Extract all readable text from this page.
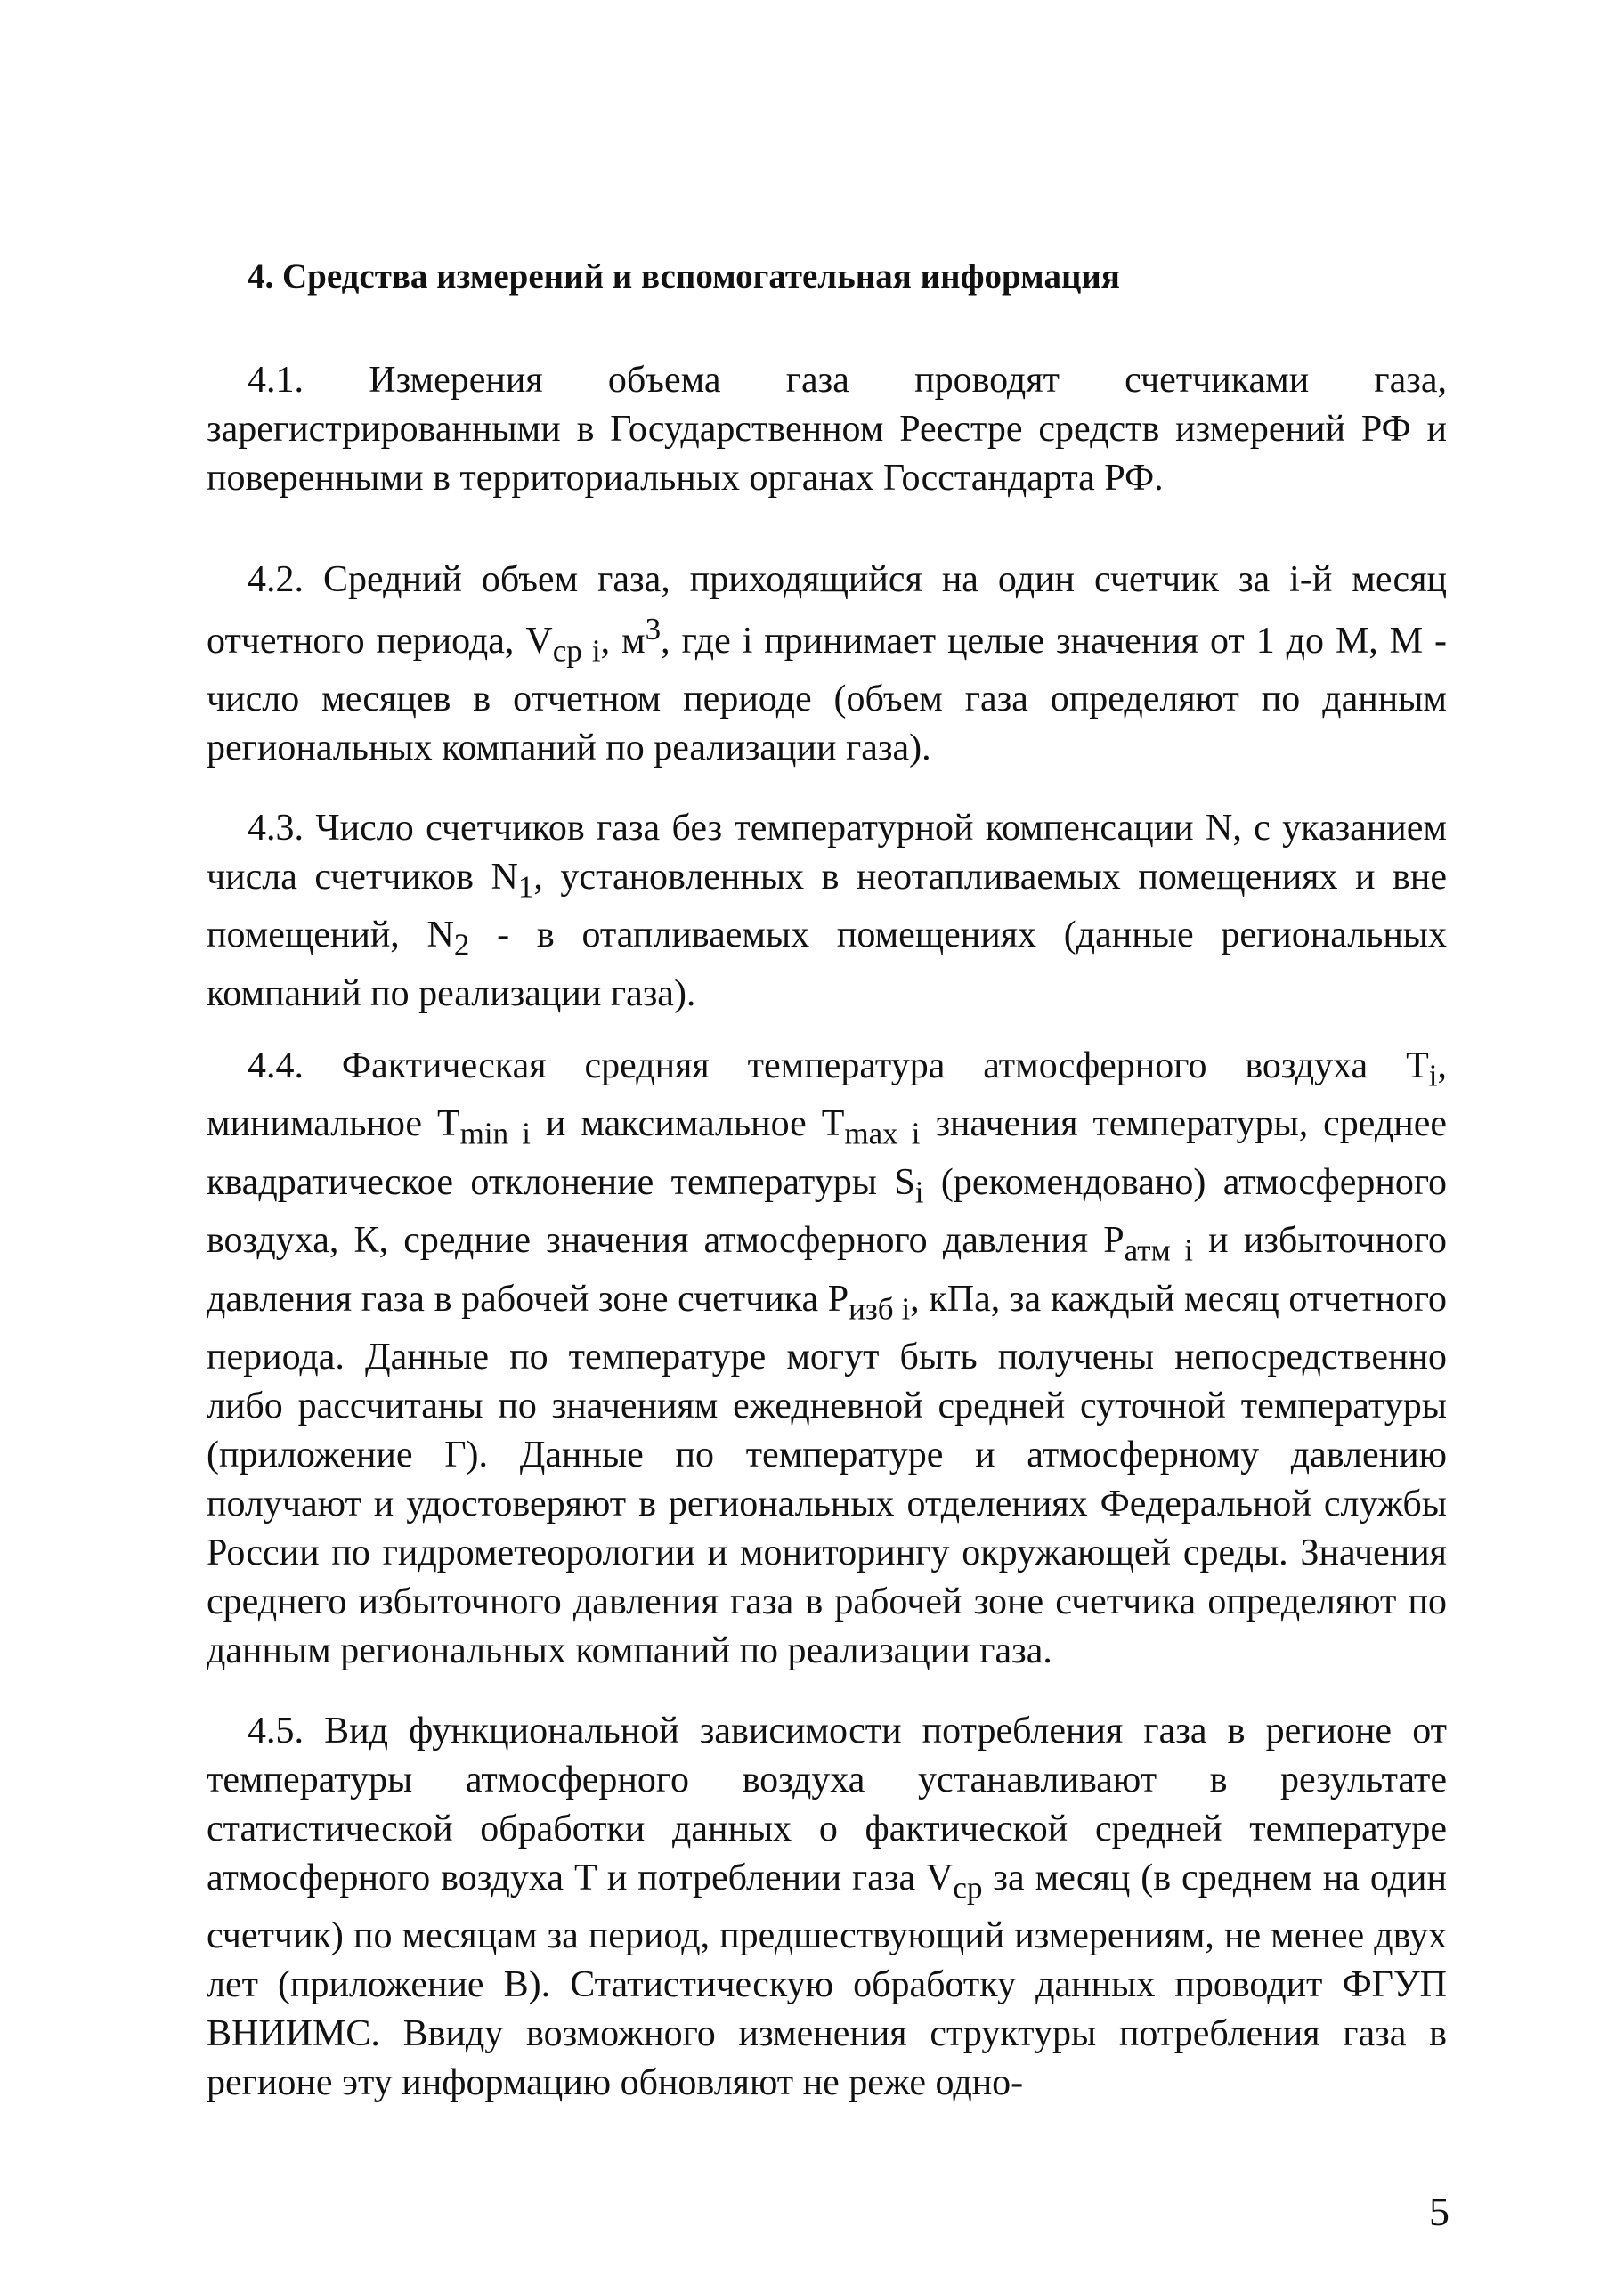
4. Средства измерений и вспомогательная информация

4.1. Измерения объема газа проводят счетчиками газа, зарегистрированными в Государственном Реестре средств измерений РФ и поверенными в территориальных органах Госстандарта РФ.

4.2. Средний объем газа, приходящийся на один счетчик за i-й месяц отчетного периода, $V_{ср i}$, $м^3$, где i принимает целые значения от 1 до М, М - число месяцев в отчетном периоде (объем газа определяют по данным региональных компаний по реализации газа).

4.3. Число счетчиков газа без температурной компенсации N, с указанием числа счетчиков $N_1$, установленных в неотапливаемых помещениях и вне помещений, $N_2$ - в отапливаемых помещениях (данные региональных компаний по реализации газа).

4.4. Фактическая средняя температура атмосферного воздуха $T_i$, минимальное $T_{min i}$ и максимальное $T_{max i}$ значения температуры, среднее квадратическое отклонение температуры $S_i$ (рекомендовано) атмосферного воздуха, К, средние значения атмосферного давления $P_{атм i}$ и избыточного давления газа в рабочей зоне счетчика $P_{изб i}$, кПа, за каждый месяц отчетного периода. Данные по температуре могут быть получены непосредственно либо рассчитаны по значениям ежедневной средней суточной температуры (приложение Г). Данные по температуре и атмосферному давлению получают и удостоверяют в региональных отделениях Федеральной службы России по гидрометеорологии и мониторингу окружающей среды. Значения среднего избыточного давления газа в рабочей зоне счетчика определяют по данным региональных компаний по реализации газа.

4.5. Вид функциональной зависимости потребления газа в регионе от температуры атмосферного воздуха устанавливают в результате статистической обработки данных о фактической средней температуре атмосферного воздуха T и потреблении газа $V_{ср}$ за месяц (в среднем на один счетчик) по месяцам за период, предшествующий измерениям, не менее двух лет (приложение В). Статистическую обработку данных проводит ФГУП ВНИИМС. Ввиду возможного изменения структуры потребления газа в регионе эту информацию обновляют не реже одно-

5
